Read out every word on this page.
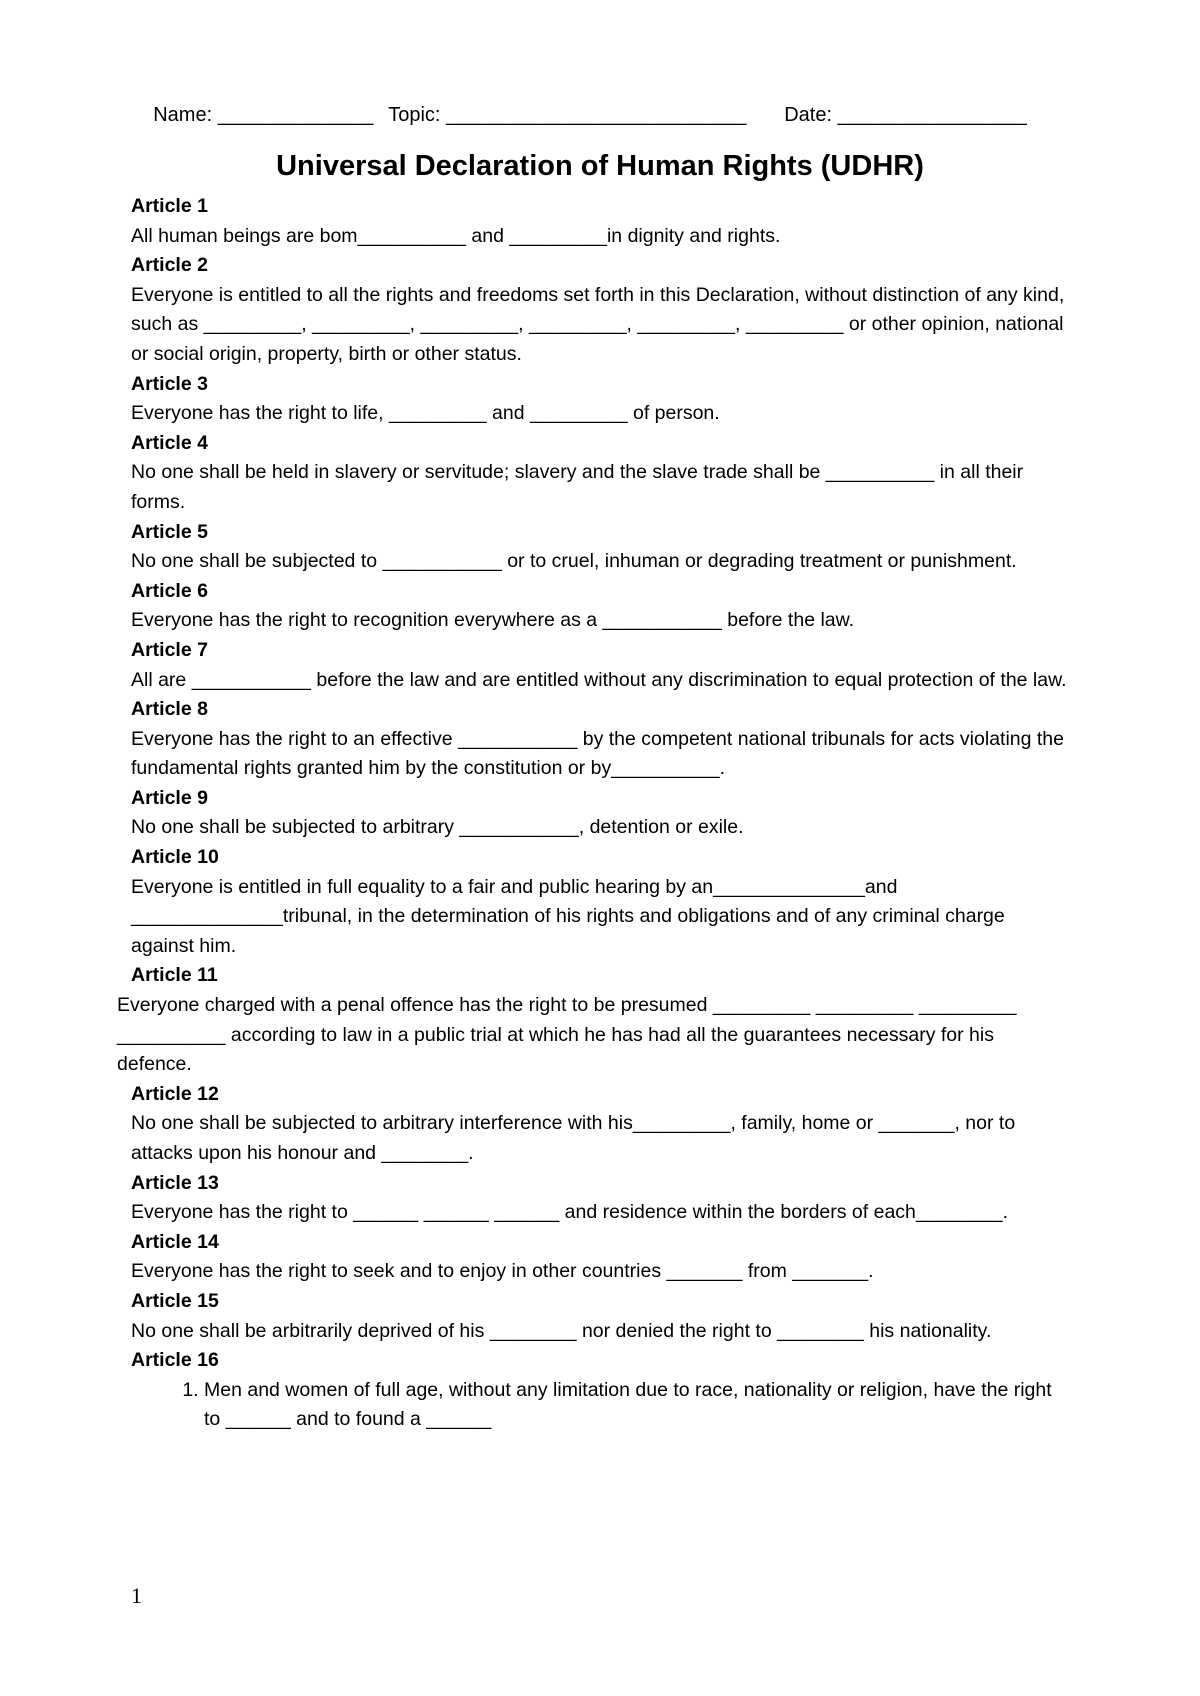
Name: ______________ Topic: ___________________________ Date: _________________

Universal Declaration of Human Rights (UDHR)
Article 1

All human beings are bom__________ and _________in dignity and rights.

Article 2

Everyone is entitled to all the rights and freedoms set forth in this Declaration, without distinction of any kind, such as _________, _________, _________, _________, _________, _________ or other opinion, national or social origin, property, birth or other status.

Article 3

Everyone has the right to life, _________ and _________ of person.

Article 4

No one shall be held in slavery or servitude; slavery and the slave trade shall be __________ in all their forms.

Article 5

No one shall be subjected to ___________ or to cruel, inhuman or degrading treatment or punishment.

Article 6

Everyone has the right to recognition everywhere as a ___________ before the law.

Article 7

All are ___________ before the law and are entitled without any discrimination to equal protection of the law.

Article 8

Everyone has the right to an effective ___________ by the competent national tribunals for acts violating the fundamental rights granted him by the constitution or by__________.

Article 9

No one shall be subjected to arbitrary ___________, detention or exile.

Article 10

Everyone is entitled in full equality to a fair and public hearing by an______________and ______________tribunal, in the determination of his rights and obligations and of any criminal charge against him.

Article 11

Everyone charged with a penal offence has the right to be presumed _________ _________ _________ __________ according to law in a public trial at which he has had all the guarantees necessary for his defence.

Article 12

No one shall be subjected to arbitrary interference with his_________, family, home or _______, nor to attacks upon his honour and ________.

Article 13

Everyone has the right to ______ ______ ______ and residence within the borders of each________.

Article 14

Everyone has the right to seek and to enjoy in other countries _______ from _______.

Article 15

No one shall be arbitrarily deprived of his ________ nor denied the right to ________ his nationality.

Article 16
1. Men and women of full age, without any limitation due to race, nationality or religion, have the right to ______ and to found a ______
1
